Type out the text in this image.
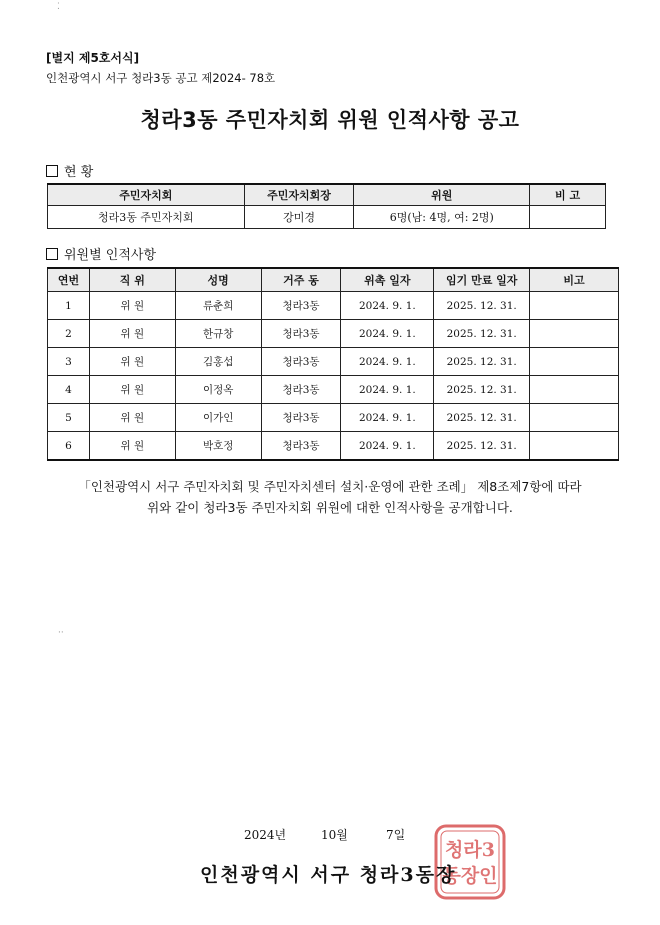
⁚
··
[별지 제5호서식]
인천광역시 서구 청라3동 공고 제2024- 78호
청라3동 주민자치회 위원 인적사항 공고
현 황
주민자치회	주민자치회장	위원	비 고
청라3동 주민자치회	강미경	6명(남: 4명, 여: 2명)	
위원별 인적사항
연번	직 위	성명	거주 동	위촉 일자	임기 만료 일자	비고
1	위 원	류춘희	청라3동	2024. 9. 1.	2025. 12. 31.	
2	위 원	한규창	청라3동	2024. 9. 1.	2025. 12. 31.	
3	위 원	김홍섭	청라3동	2024. 9. 1.	2025. 12. 31.	
4	위 원	이정옥	청라3동	2024. 9. 1.	2025. 12. 31.	
5	위 원	이가인	청라3동	2024. 9. 1.	2025. 12. 31.	
6	위 원	박호정	청라3동	2024. 9. 1.	2025. 12. 31.	
「인천광역시 서구 주민자치회 및 주민자치센터 설치·운영에 관한 조례」 제8조제7항에 따라
위와 같이 청라3동 주민자치회 위원에 대한 인적사항을 공개합니다.
2024년	10월	7일
청라3
동장인
인천광역시 서구 청라3동장
